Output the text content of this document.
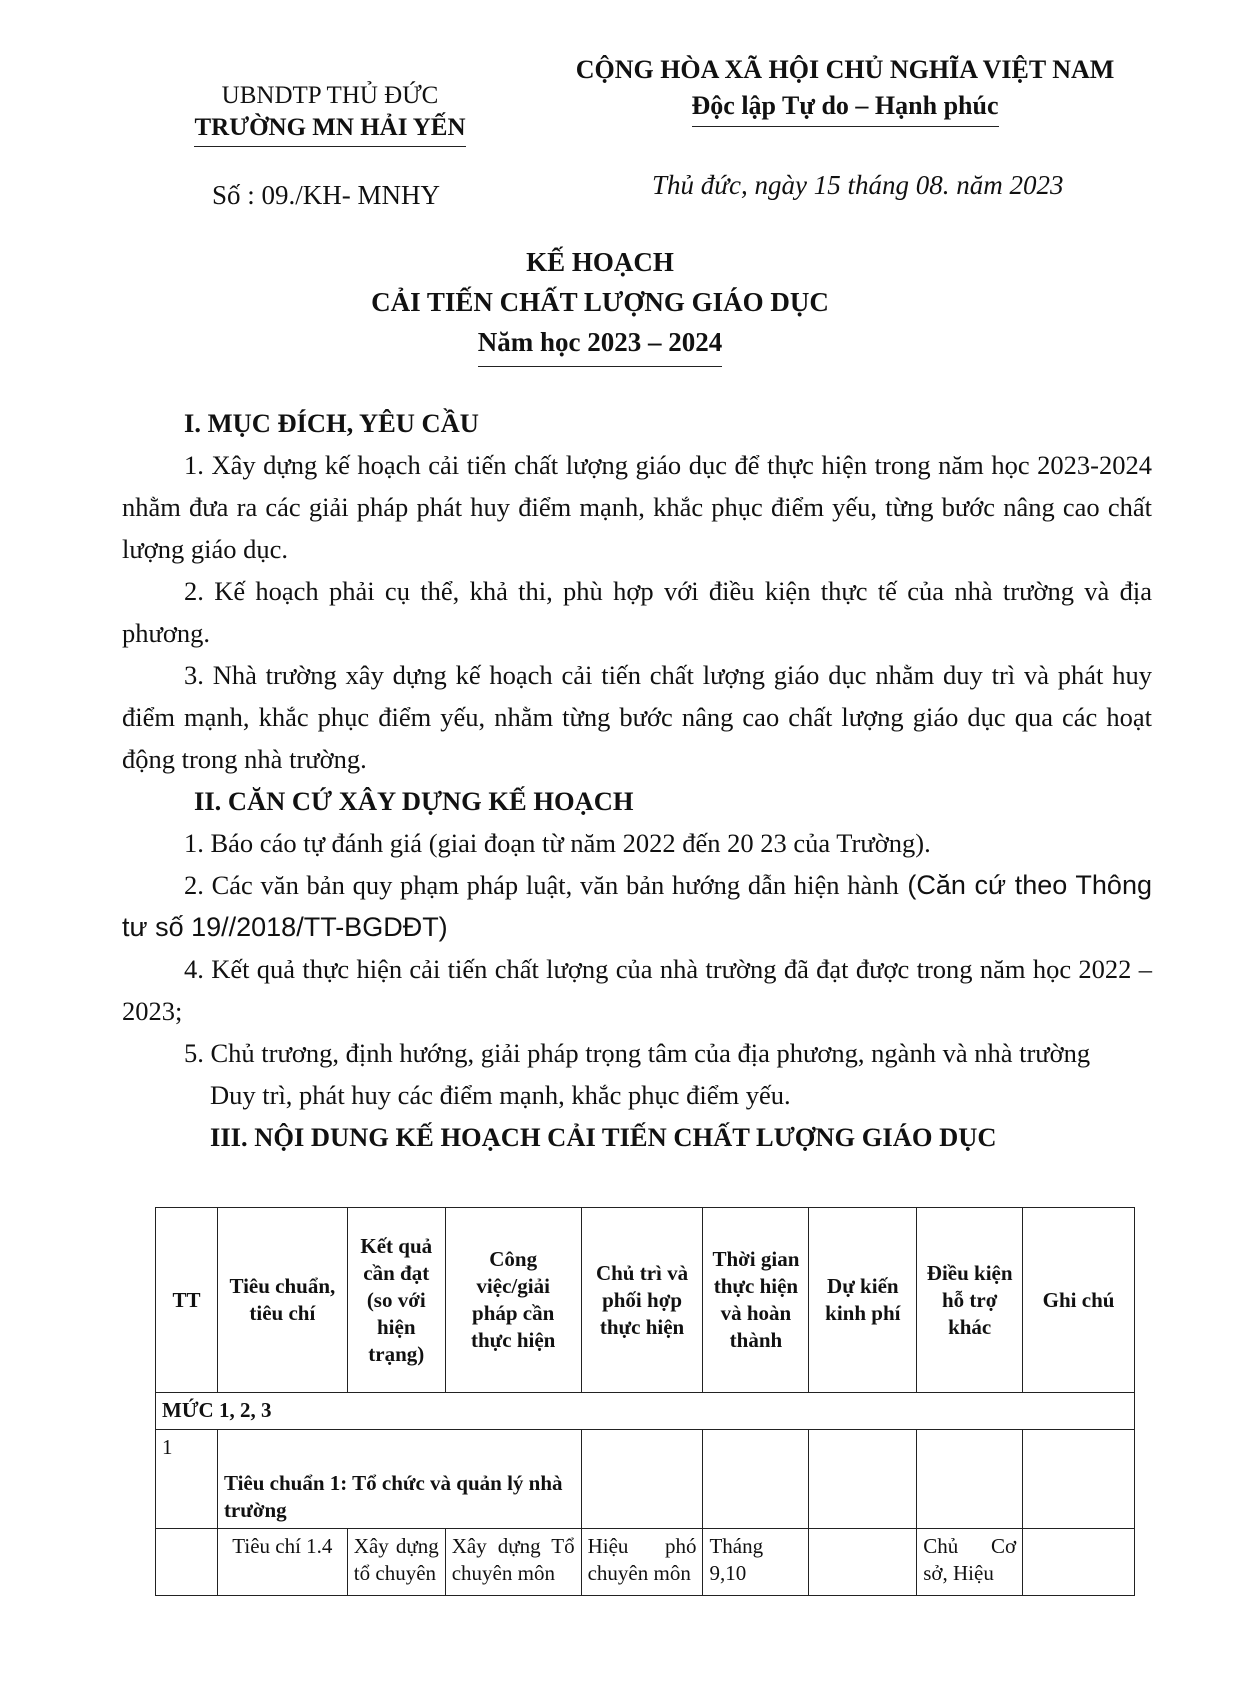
UBNDTP THỦ ĐỨC
TRƯỜNG MN HẢI YẾN
CỘNG HÒA XÃ HỘI CHỦ NGHĨA VIỆT NAM
Độc lập Tự do – Hạnh phúc
Số : 09./KH- MNHY	Thủ đức, ngày 15 tháng 08. năm 2023
KẾ HOẠCH
CẢI TIẾN CHẤT LƯỢNG GIÁO DỤC
Năm học 2023 – 2024

I. MỤC ĐÍCH, YÊU CẦU

1. Xây dựng kế hoạch cải tiến chất lượng giáo dục để thực hiện trong năm học 2023-2024 nhằm đưa ra các giải pháp phát huy điểm mạnh, khắc phục điểm yếu, từng bước nâng cao chất lượng giáo dục.

2. Kế hoạch phải cụ thể, khả thi, phù hợp với điều kiện thực tế của nhà trường và địa phương.

3. Nhà trường xây dựng kế hoạch cải tiến chất lượng giáo dục nhằm duy trì và phát huy điểm mạnh, khắc phục điểm yếu, nhằm từng bước nâng cao chất lượng giáo dục qua các hoạt động trong nhà trường.

II. CĂN CỨ XÂY DỰNG KẾ HOẠCH

1. Báo cáo tự đánh giá (giai đoạn từ năm 2022 đến 20 23 của Trường).

2. Các văn bản quy phạm pháp luật, văn bản hướng dẫn hiện hành (Căn cứ theo Thông tư số 19//2018/TT-BGDĐT)

4. Kết quả thực hiện cải tiến chất lượng của nhà trường đã đạt được trong năm học 2022 – 2023;

5. Chủ trương, định hướng, giải pháp trọng tâm của địa phương, ngành và nhà trường

Duy trì, phát huy các điểm mạnh, khắc phục điểm yếu.

III. NỘI DUNG KẾ HOẠCH CẢI TIẾN CHẤT LƯỢNG GIÁO DỤC

TT	Tiêu chuẩn, tiêu chí	Kết quả cần đạt (so với hiện trạng)	Công việc/giải pháp cần thực hiện	Chủ trì và phối hợp thực hiện	Thời gian thực hiện và hoàn thành	Dự kiến kinh phí	Điều kiện hỗ trợ khác	Ghi chú
MỨC 1, 2, 3								
1	Tiêu chuẩn 1: Tổ chức và quản lý nhà trường							
	Tiêu chí 1.4	Xây dựng tổ chuyên	Xây dựng Tổ chuyên môn	Hiệu phó chuyên môn	Tháng 9,10		Chủ Cơ sở, Hiệu	
